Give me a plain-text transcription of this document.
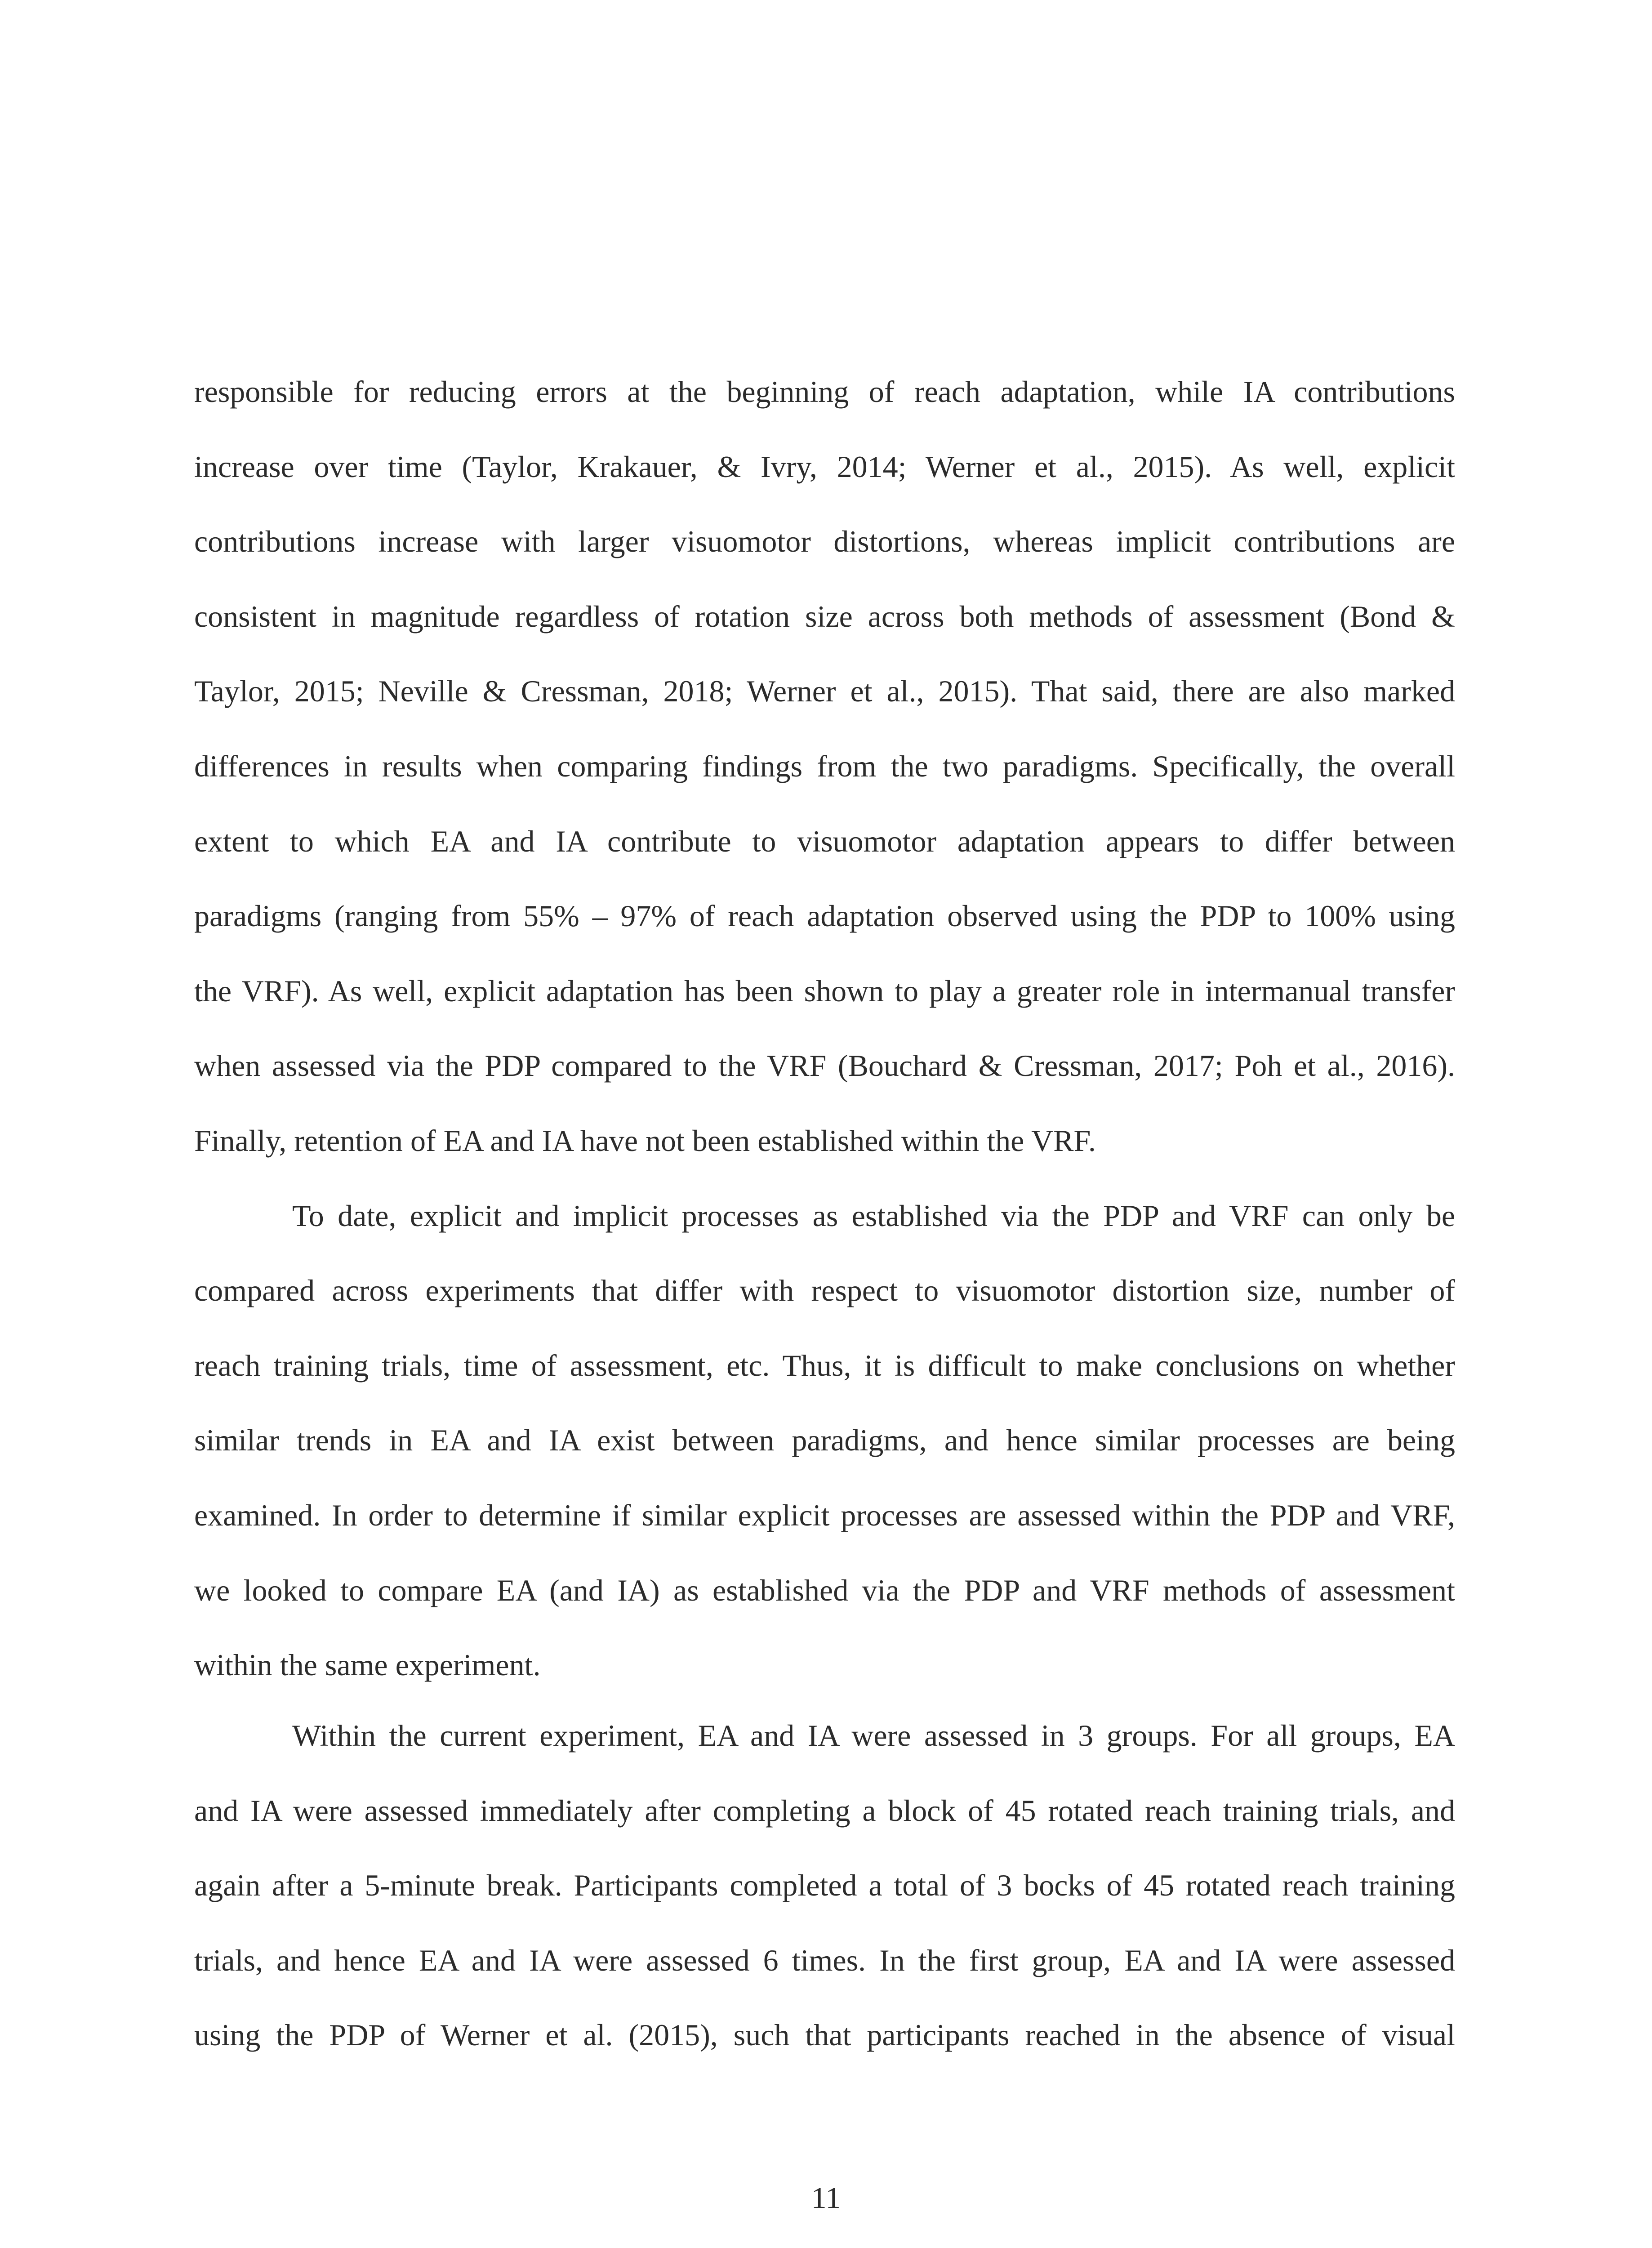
responsible for reducing errors at the beginning of reach adaptation, while IA contributions
increase over time (Taylor, Krakauer, & Ivry, 2014; Werner et al., 2015). As well, explicit
contributions increase with larger visuomotor distortions, whereas implicit contributions are
consistent in magnitude regardless of rotation size across both methods of assessment (Bond &
Taylor, 2015; Neville & Cressman, 2018; Werner et al., 2015). That said, there are also marked
differences in results when comparing findings from the two paradigms. Specifically, the overall
extent to which EA and IA contribute to visuomotor adaptation appears to differ between
paradigms (ranging from 55% – 97% of reach adaptation observed using the PDP to 100% using
the VRF). As well, explicit adaptation has been shown to play a greater role in intermanual transfer
when assessed via the PDP compared to the VRF (Bouchard & Cressman, 2017; Poh et al., 2016).
Finally, retention of EA and IA have not been established within the VRF.
To date, explicit and implicit processes as established via the PDP and VRF can only be
compared across experiments that differ with respect to visuomotor distortion size, number of
reach training trials, time of assessment, etc. Thus, it is difficult to make conclusions on whether
similar trends in EA and IA exist between paradigms, and hence similar processes are being
examined. In order to determine if similar explicit processes are assessed within the PDP and VRF,
we looked to compare EA (and IA) as established via the PDP and VRF methods of assessment
within the same experiment.
Within the current experiment, EA and IA were assessed in 3 groups. For all groups, EA
and IA were assessed immediately after completing a block of 45 rotated reach training trials, and
again after a 5-minute break. Participants completed a total of 3 bocks of 45 rotated reach training
trials, and hence EA and IA were assessed 6 times. In the first group, EA and IA were assessed
using the PDP of Werner et al. (2015), such that participants reached in the absence of visual
11
